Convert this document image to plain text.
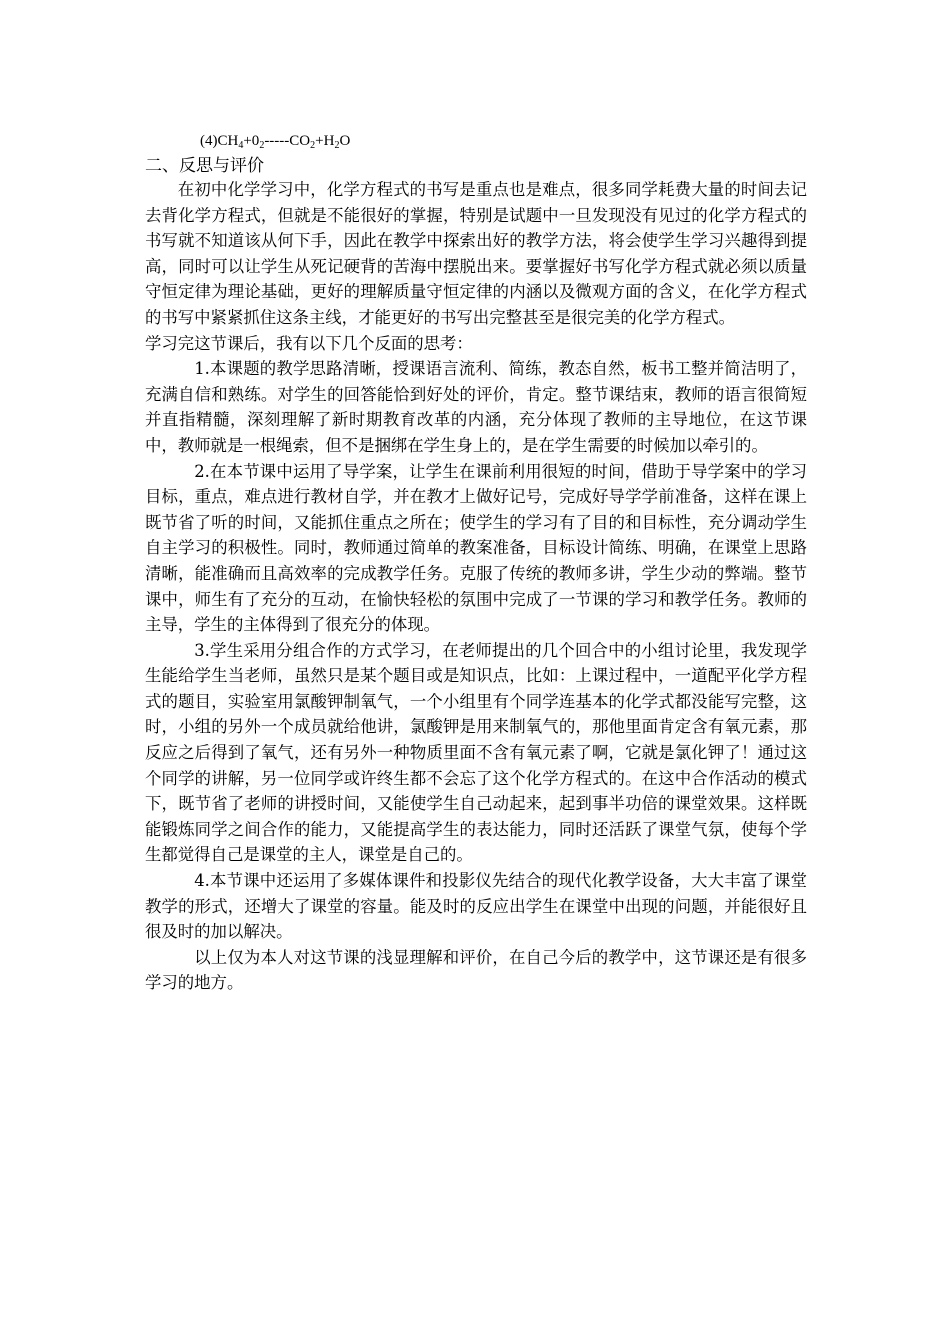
$(4)CH_4+0_2-----CO_2+H_2O$
二、反思与评价

在初中化学学习中，化学方程式的书写是重点也是难点，很多同学耗费大量的时间去记去背化学方程式，但就是不能很好的掌握，特别是试题中一旦发现没有见过的化学方程式的书写就不知道该从何下手，因此在教学中探索出好的教学方法，将会使学生学习兴趣得到提高，同时可以让学生从死记硬背的苦海中摆脱出来。要掌握好书写化学方程式就必须以质量守恒定律为理论基础，更好的理解质量守恒定律的内涵以及微观方面的含义，在化学方程式的书写中紧紧抓住这条主线，才能更好的书写出完整甚至是很完美的化学方程式。

学习完这节课后，我有以下几个反面的思考：

1.本课题的教学思路清晰，授课语言流利、简练，教态自然，板书工整并简洁明了，充满自信和熟练。对学生的回答能恰到好处的评价，肯定。整节课结束，教师的语言很简短并直指精髓，深刻理解了新时期教育改革的内涵，充分体现了教师的主导地位，在这节课中，教师就是一根绳索，但不是捆绑在学生身上的，是在学生需要的时候加以牵引的。

2.在本节课中运用了导学案，让学生在课前利用很短的时间，借助于导学案中的学习目标，重点，难点进行教材自学，并在教才上做好记号，完成好导学学前准备，这样在课上既节省了听的时间，又能抓住重点之所在；使学生的学习有了目的和目标性，充分调动学生自主学习的积极性。同时，教师通过简单的教案准备，目标设计简练、明确，在课堂上思路清晰，能准确而且高效率的完成教学任务。克服了传统的教师多讲，学生少动的弊端。整节课中，师生有了充分的互动，在愉快轻松的氛围中完成了一节课的学习和教学任务。教师的主导，学生的主体得到了很充分的体现。

3.学生采用分组合作的方式学习，在老师提出的几个回合中的小组讨论里，我发现学生能给学生当老师，虽然只是某个题目或是知识点，比如：上课过程中，一道配平化学方程式的题目，实验室用氯酸钾制氧气，一个小组里有个同学连基本的化学式都没能写完整，这时，小组的另外一个成员就给他讲，氯酸钾是用来制氧气的，那他里面肯定含有氧元素，那反应之后得到了氧气，还有另外一种物质里面不含有氧元素了啊，它就是氯化钾了！通过这个同学的讲解，另一位同学或许终生都不会忘了这个化学方程式的。在这中合作活动的模式下，既节省了老师的讲授时间，又能使学生自己动起来，起到事半功倍的课堂效果。这样既能锻炼同学之间合作的能力，又能提高学生的表达能力，同时还活跃了课堂气氛，使每个学生都觉得自己是课堂的主人，课堂是自己的。

4.本节课中还运用了多媒体课件和投影仪先结合的现代化教学设备，大大丰富了课堂教学的形式，还增大了课堂的容量。能及时的反应出学生在课堂中出现的问题，并能很好且很及时的加以解决。

以上仅为本人对这节课的浅显理解和评价，在自己今后的教学中，这节课还是有很多学习的地方。
